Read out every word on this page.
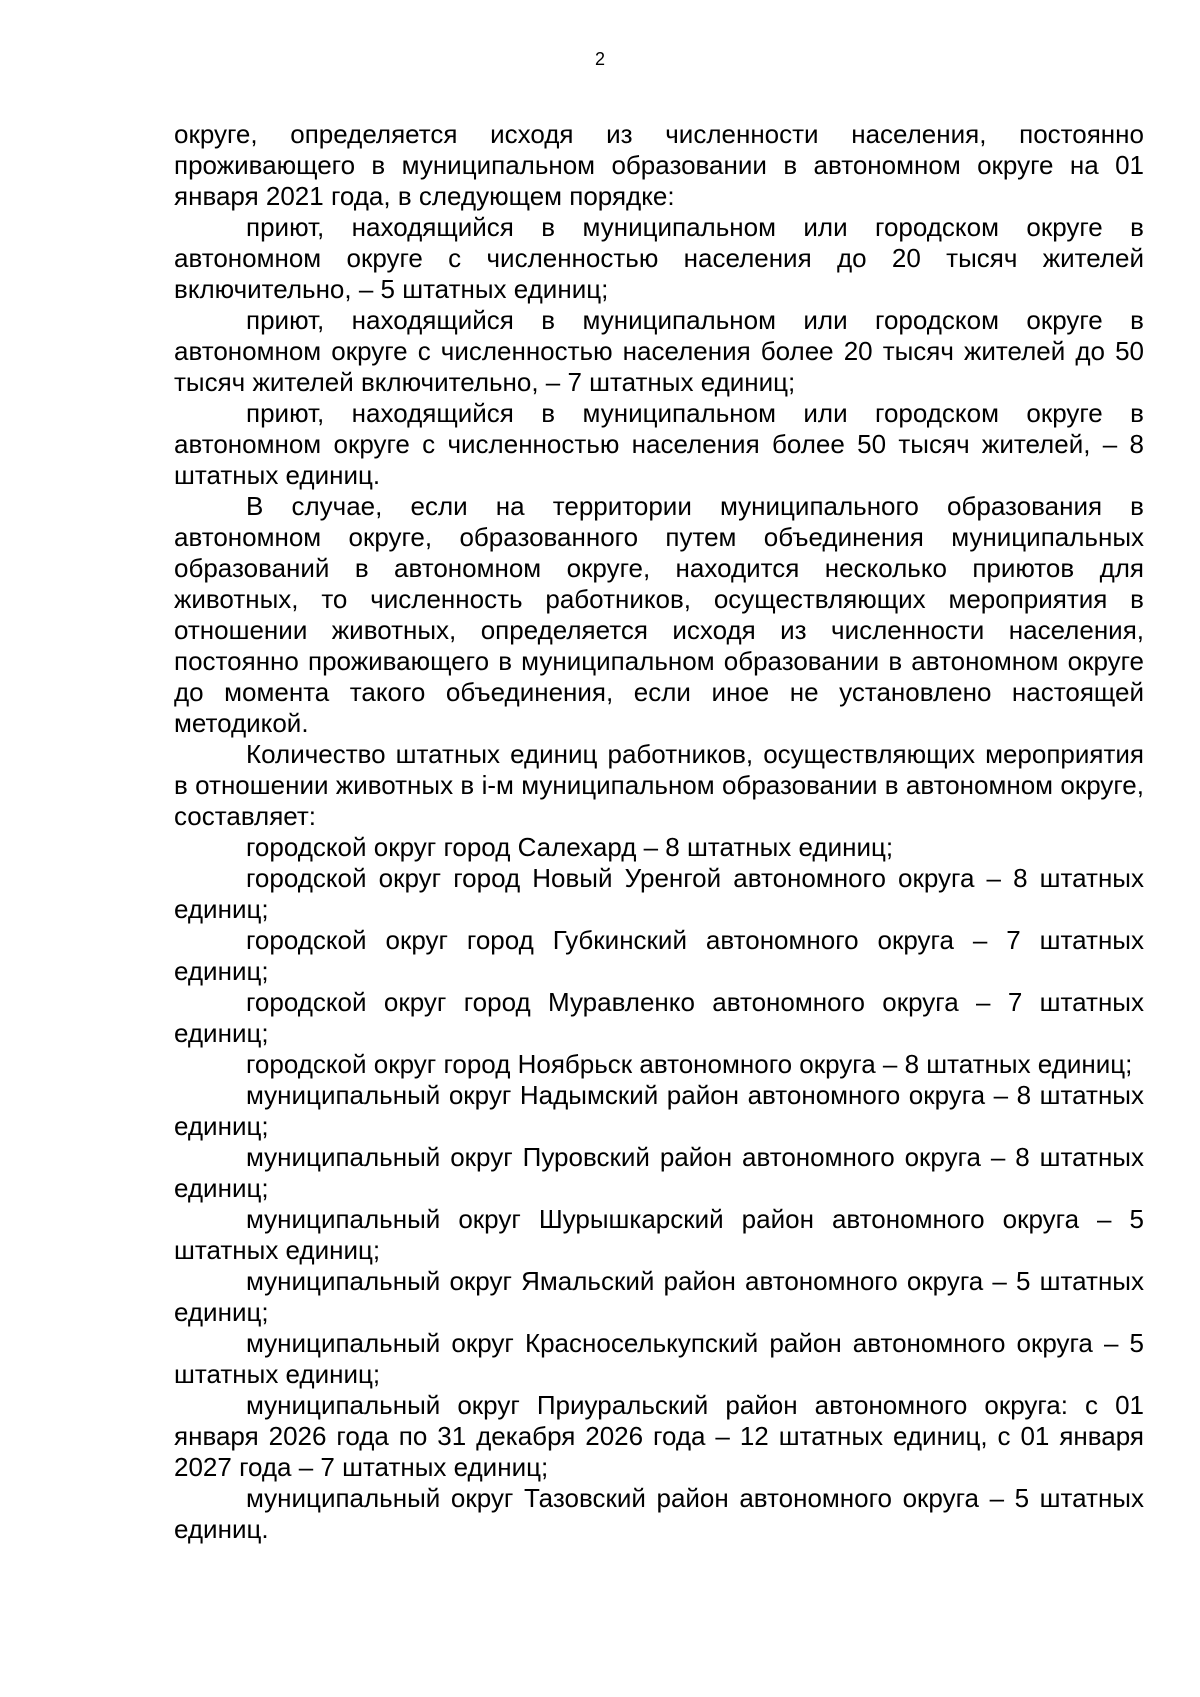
2

округе, определяется исходя из численности населения, постоянно проживающего в муниципальном образовании в автономном округе на 01 января 2021 года, в следующем порядке:

приют, находящийся в муниципальном или городском округе в автономном округе с численностью населения до 20 тысяч жителей включительно, – 5 штатных единиц;

приют, находящийся в муниципальном или городском округе в автономном округе с численностью населения более 20 тысяч жителей до 50 тысяч жителей включительно, – 7 штатных единиц;

приют, находящийся в муниципальном или городском округе в автономном округе с численностью населения более 50 тысяч жителей, – 8 штатных единиц.

В случае, если на территории муниципального образования в автономном округе, образованного путем объединения муниципальных образований в автономном округе, находится несколько приютов для животных, то численность работников, осуществляющих мероприятия в отношении животных, определяется исходя из численности населения, постоянно проживающего в муниципальном образовании в автономном округе до момента такого объединения, если иное не установлено настоящей методикой.

Количество штатных единиц работников, осуществляющих мероприятия в отношении животных в i-м муниципальном образовании в автономном округе, составляет:

городской округ город Салехард – 8 штатных единиц;

городской округ город Новый Уренгой автономного округа – 8 штатных единиц;

городской округ город Губкинский автономного округа – 7 штатных единиц;

городской округ город Муравленко автономного округа – 7 штатных единиц;

городской округ город Ноябрьск автономного округа – 8 штатных единиц;

муниципальный округ Надымский район автономного округа – 8 штатных единиц;

муниципальный округ Пуровский район автономного округа – 8 штатных единиц;

муниципальный округ Шурышкарский район автономного округа – 5 штатных единиц;

муниципальный округ Ямальский район автономного округа – 5 штатных единиц;

муниципальный округ Красноселькупский район автономного округа – 5 штатных единиц;

муниципальный округ Приуральский район автономного округа: с 01 января 2026 года по 31 декабря 2026 года – 12 штатных единиц, с 01 января 2027 года – 7 штатных единиц;

муниципальный округ Тазовский район автономного округа – 5 штатных единиц.
